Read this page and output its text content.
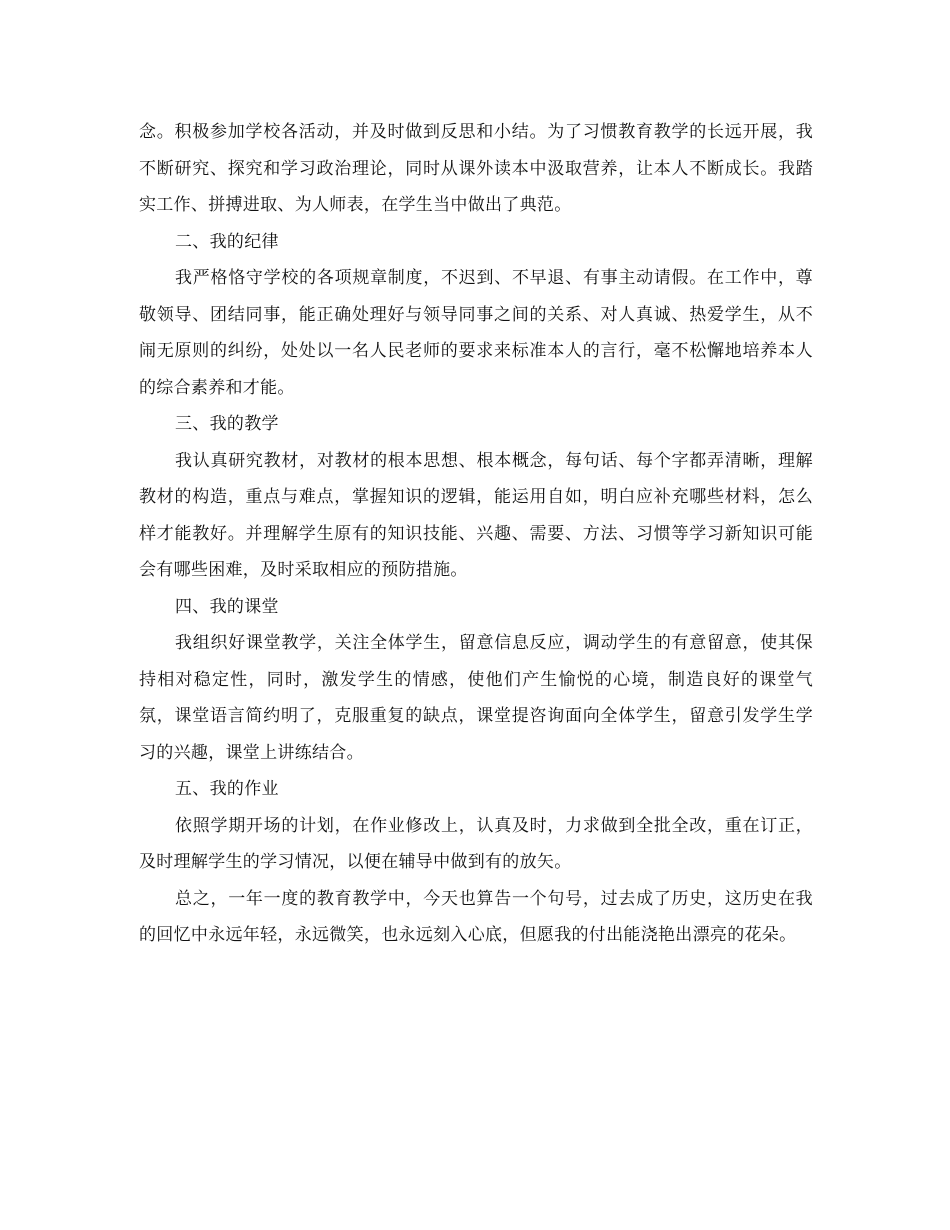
念。积极参加学校各活动，并及时做到反思和小结。为了习惯教育教学的长远开展，我不断研究、探究和学习政治理论，同时从课外读本中汲取营养，让本人不断成长。我踏实工作、拼搏进取、为人师表，在学生当中做出了典范。

二、我的纪律

我严格恪守学校的各项规章制度，不迟到、不早退、有事主动请假。在工作中，尊敬领导、团结同事，能正确处理好与领导同事之间的关系、对人真诚、热爱学生，从不闹无原则的纠纷，处处以一名人民老师的要求来标准本人的言行，毫不松懈地培养本人的综合素养和才能。

三、我的教学

我认真研究教材，对教材的根本思想、根本概念，每句话、每个字都弄清晰，理解教材的构造，重点与难点，掌握知识的逻辑，能运用自如，明白应补充哪些材料，怎么样才能教好。并理解学生原有的知识技能、兴趣、需要、方法、习惯等学习新知识可能会有哪些困难，及时采取相应的预防措施。

四、我的课堂

我组织好课堂教学，关注全体学生，留意信息反应，调动学生的有意留意，使其保持相对稳定性，同时，激发学生的情感，使他们产生愉悦的心境，制造良好的课堂气氛，课堂语言简约明了，克服重复的缺点，课堂提咨询面向全体学生，留意引发学生学习的兴趣，课堂上讲练结合。

五、我的作业

依照学期开场的计划，在作业修改上，认真及时，力求做到全批全改，重在订正，及时理解学生的学习情况，以便在辅导中做到有的放矢。

总之，一年一度的教育教学中，今天也算告一个句号，过去成了历史，这历史在我的回忆中永远年轻，永远微笑，也永远刻入心底，但愿我的付出能浇艳出漂亮的花朵。
